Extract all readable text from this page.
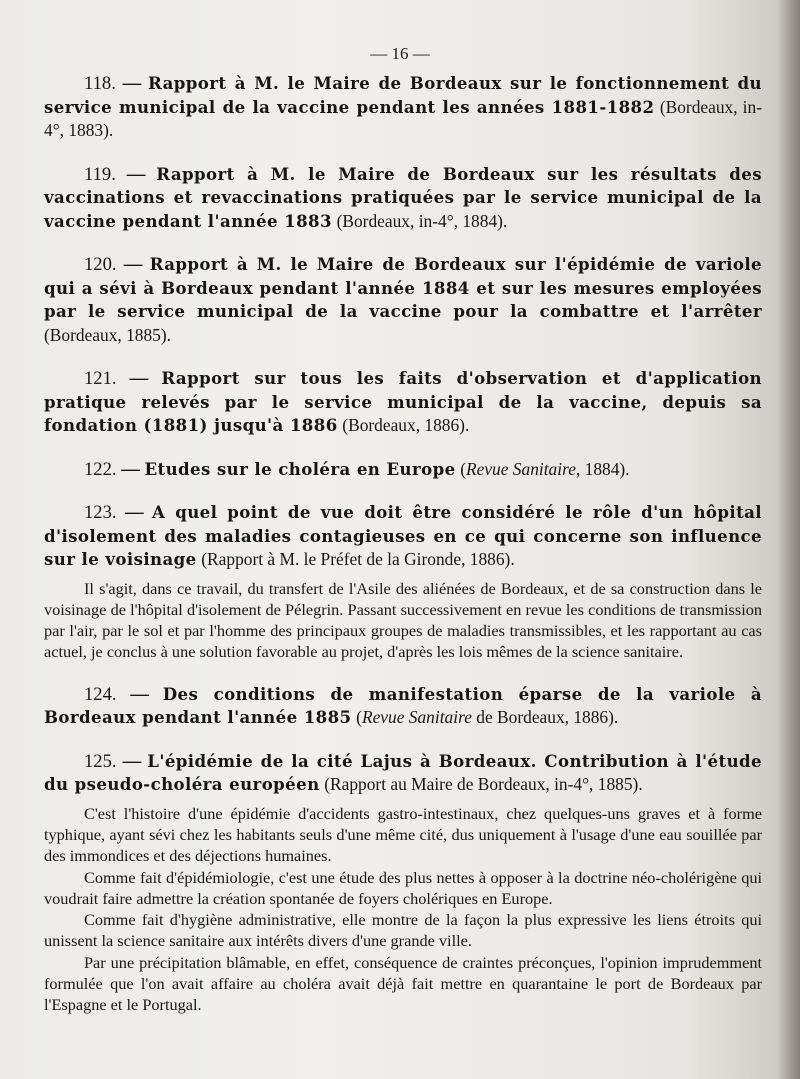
— 16 —

118. — Rapport à M. le Maire de Bordeaux sur le fonctionnement du service municipal de la vaccine pendant les années 1881-1882 (Bordeaux, in-4°, 1883).

119. — Rapport à M. le Maire de Bordeaux sur les résultats des vaccinations et revaccinations pratiquées par le service municipal de la vaccine pendant l'année 1883 (Bordeaux, in-4°, 1884).

120. — Rapport à M. le Maire de Bordeaux sur l'épidémie de variole qui a sévi à Bordeaux pendant l'année 1884 et sur les mesures employées par le service municipal de la vaccine pour la combattre et l'arrêter (Bordeaux, 1885).

121. — Rapport sur tous les faits d'observation et d'application pratique relevés par le service municipal de la vaccine, depuis sa fondation (1881) jusqu'à 1886 (Bordeaux, 1886).

122. — Etudes sur le choléra en Europe (Revue Sanitaire, 1884).

123. — A quel point de vue doit être considéré le rôle d'un hôpital d'isolement des maladies contagieuses en ce qui concerne son influence sur le voisinage (Rapport à M. le Préfet de la Gironde, 1886).

Il s'agit, dans ce travail, du transfert de l'Asile des aliénées de Bordeaux, et de sa construction dans le voisinage de l'hôpital d'isolement de Pélegrin. Passant successivement en revue les conditions de transmission par l'air, par le sol et par l'homme des principaux groupes de maladies transmissibles, et les rapportant au cas actuel, je conclus à une solution favorable au projet, d'après les lois mêmes de la science sanitaire.

124. — Des conditions de manifestation éparse de la variole à Bordeaux pendant l'année 1885 (Revue Sanitaire de Bordeaux, 1886).

125. — L'épidémie de la cité Lajus à Bordeaux. Contribution à l'étude du pseudo-choléra européen (Rapport au Maire de Bordeaux, in-4°, 1885).

C'est l'histoire d'une épidémie d'accidents gastro-intestinaux, chez quelques-uns graves et à forme typhique, ayant sévi chez les habitants seuls d'une même cité, dus uniquement à l'usage d'une eau souillée par des immondices et des déjections humaines.

Comme fait d'épidémiologie, c'est une étude des plus nettes à opposer à la doctrine néo-cholérigène qui voudrait faire admettre la création spontanée de foyers cholériques en Europe.

Comme fait d'hygiène administrative, elle montre de la façon la plus expressive les liens étroits qui unissent la science sanitaire aux intérêts divers d'une grande ville.

Par une précipitation blâmable, en effet, conséquence de craintes préconçues, l'opinion imprudemment formulée que l'on avait affaire au choléra avait déjà fait mettre en quarantaine le port de Bordeaux par l'Espagne et le Portugal.
